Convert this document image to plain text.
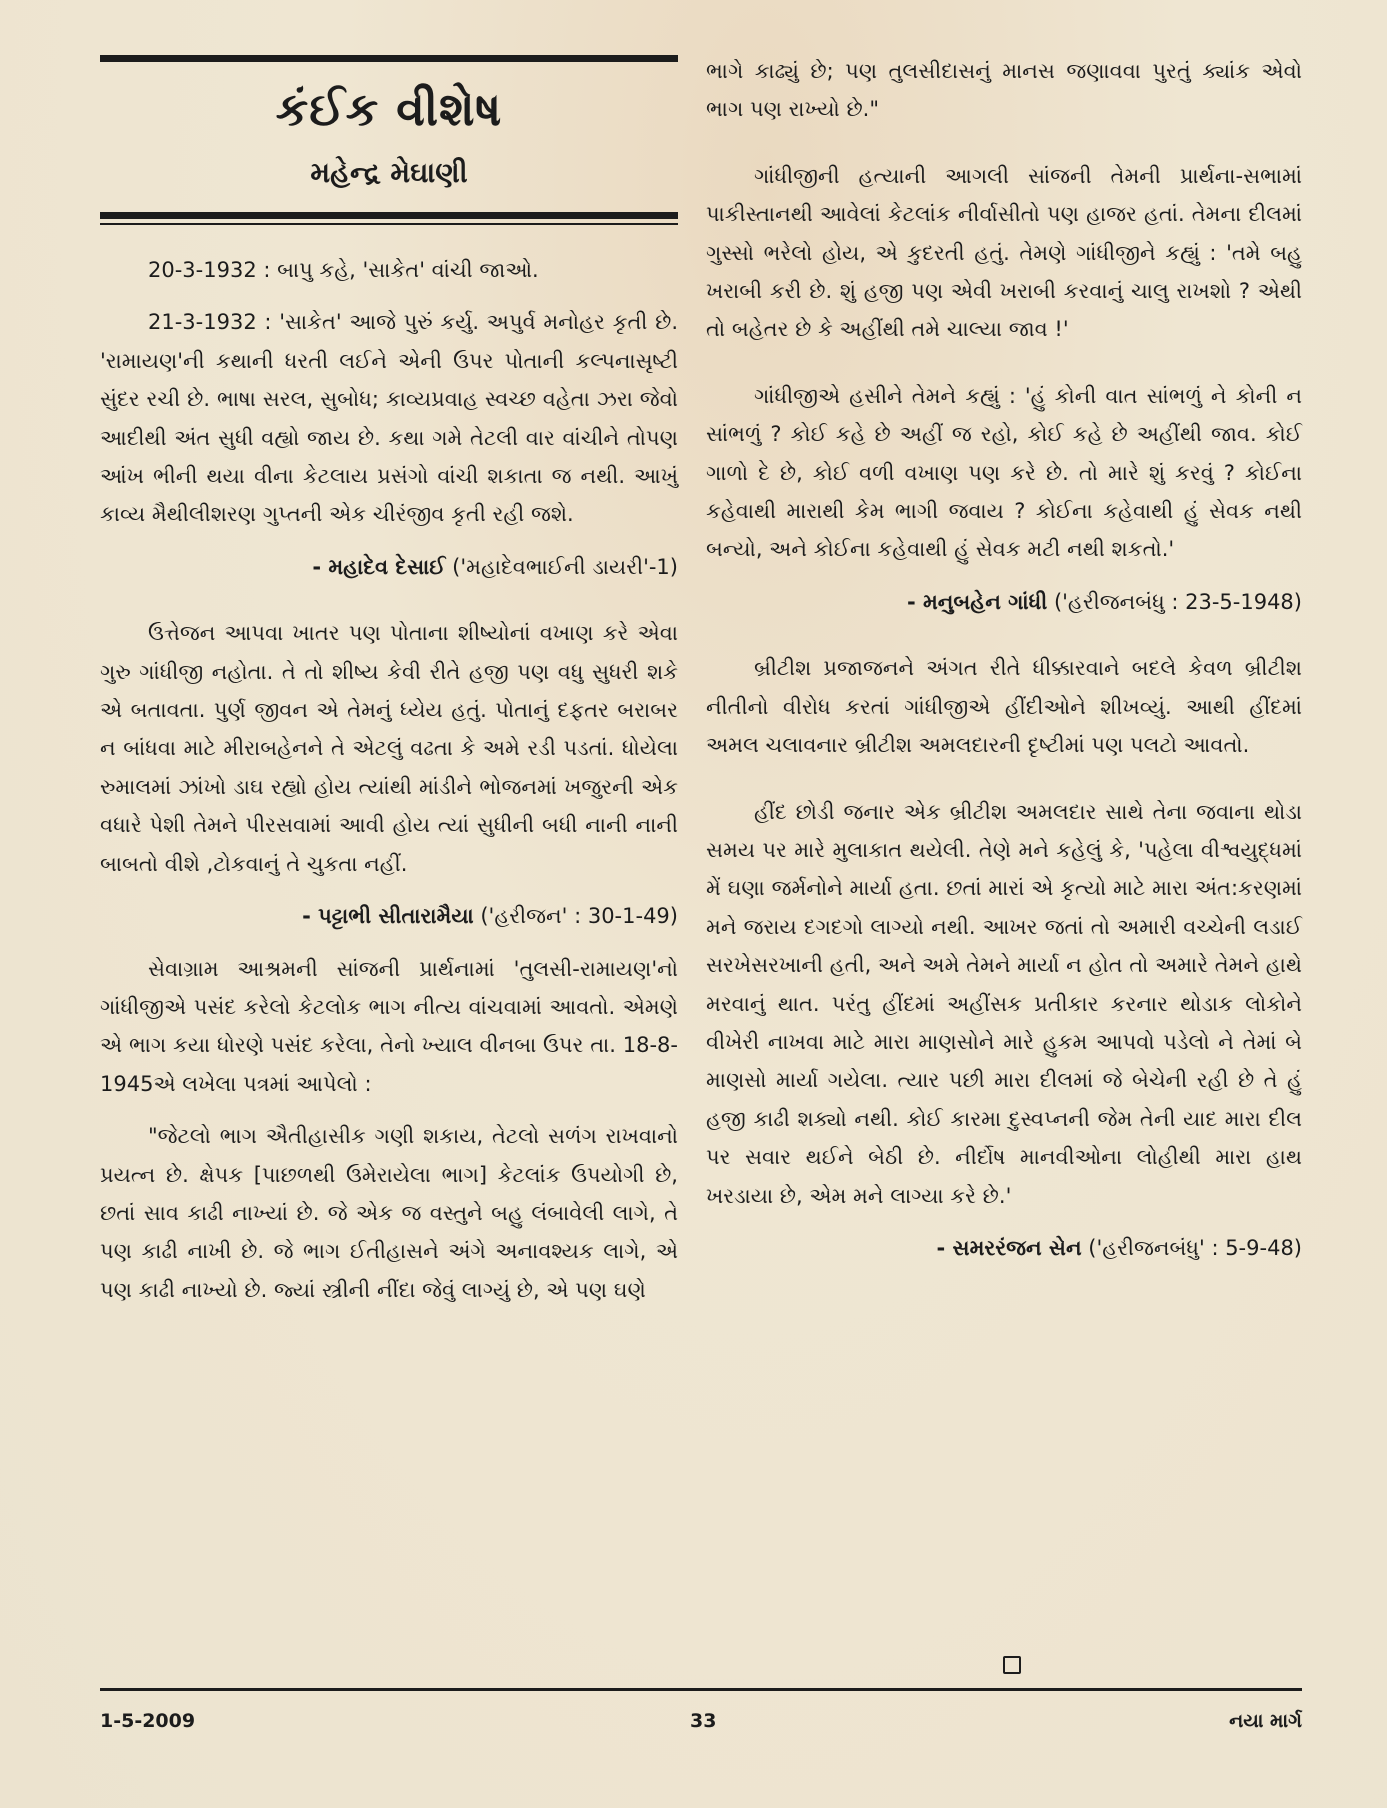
કંઈક વીશેષ
મહેન્દ્ર મેઘાણી

20-3-1932 : બાપુ કહે, 'સાકેત' વાંચી જાઓ.

21-3-1932 : 'સાકેત' આજે પુરું કર્યુ. અપુર્વ મનોહર કૃતી છે. 'રામાયણ'ની કથાની ધરતી લઈને એની ઉપર પોતાની કલ્પનાસૃષ્ટી સુંદર રચી છે. ભાષા સરલ, સુબોધ; કાવ્યપ્રવાહ સ્વચ્છ વહેતા ઝરા જેવો આદીથી અંત સુધી વહ્યો જાય છે. કથા ગમે તેટલી વાર વાંચીને તોપણ આંખ ભીની થયા વીના કેટલાય પ્રસંગો વાંચી શકાતા જ નથી. આખું કાવ્ય મૈથીલીશરણ ગુપ્તની એક ચીરંજીવ કૃતી રહી જશે.

- મહાદેવ દેસાઈ ('મહાદેવભાઈની ડાયરી'-1)

ઉત્તેજન આપવા ખાતર પણ પોતાના શીષ્યોનાં વખાણ કરે એવા ગુરુ ગાંધીજી નહોતા. તે તો શીષ્ય કેવી રીતે હજી પણ વધુ સુધરી શકે એ બતાવતા. પુર્ણ જીવન એ તેમનું ધ્યેય હતું. પોતાનું દફતર બરાબર ન બાંધવા માટે મીરાબહેનને તે એટલું વઢતા કે અમે રડી પડતાં. ધોયેલા રુમાલમાં ઝાંખો ડાઘ રહ્યો હોય ત્યાંથી માંડીને ભોજનમાં ખજુરની એક વધારે પેશી તેમને પીરસવામાં આવી હોય ત્યાં સુધીની બધી નાની નાની બાબતો વીશે ,ટોકવાનું તે ચુકતા નહીં.

- પટ્ટાભી સીતારામૈયા ('હરીજન' : 30-1-49)

સેવાગ્રામ આશ્રમની સાંજની પ્રાર્થનામાં 'તુલસી-રામાયણ'નો ગાંધીજીએ પસંદ કરેલો કેટલોક ભાગ નીત્ય વાંચવામાં આવતો. એમણે એ ભાગ કયા ધોરણે પસંદ કરેલા, તેનો ખ્યાલ વીનબા ઉપર તા. 18-8-1945એ લખેલા પત્રમાં આપેલો :

"જેટલો ભાગ ઐતીહાસીક ગણી શકાય, તેટલો સળંગ રાખવાનો પ્રયત્ન છે. ક્ષેપક [પાછળથી ઉમેરાયેલા ભાગ] કેટલાંક ઉપયોગી છે, છતાં સાવ કાઢી નાખ્યાં છે. જે એક જ વસ્તુને બહુ લંબાવેલી લાગે, તે પણ કાઢી નાખી છે. જે ભાગ ઈતીહાસને અંગે અનાવશ્યક લાગે, એ પણ કાઢી નાખ્યો છે. જ્યાં સ્ત્રીની નીંદા જેવું લાગ્યું છે, એ પણ ઘણે

ભાગે કાઢ્યું છે; પણ તુલસીદાસનું માનસ જણાવવા પુરતું ક્યાંક એવો ભાગ પણ રાખ્યો છે."

ગાંધીજીની હત્યાની આગલી સાંજની તેમની પ્રાર્થના-સભામાં પાકીસ્તાનથી આવેલાં કેટલાંક નીર્વાસીતો પણ હાજર હતાં. તેમના દીલમાં ગુસ્સો ભરેલો હોય, એ કુદરતી હતું. તેમણે ગાંધીજીને કહ્યું : 'તમે બહુ ખરાબી કરી છે. શું હજી પણ એવી ખરાબી કરવાનું ચાલુ રાખશો ? એથી તો બહેતર છે કે અહીંથી તમે ચાલ્યા જાવ !'

ગાંધીજીએ હસીને તેમને કહ્યું : 'હું કોની વાત સાંભળું ને કોની ન સાંભળું ? કોઈ કહે છે અહીં જ રહો, કોઈ કહે છે અહીંથી જાવ. કોઈ ગાળો દે છે, કોઈ વળી વખાણ પણ કરે છે. તો મારે શું કરવું ? કોઈના કહેવાથી મારાથી કેમ ભાગી જવાય ? કોઈના કહેવાથી હું સેવક નથી બન્યો, અને કોઈના કહેવાથી હું સેવક મટી નથી શકતો.'

- મનુબહેન ગાંધી ('હરીજનબંધુ : 23-5-1948)

બ્રીટીશ પ્રજાજનને અંગત રીતે ધીક્કારવાને બદલે કેવળ બ્રીટીશ નીતીનો વીરોધ કરતાં ગાંધીજીએ હીંદીઓને શીખવ્યું. આથી હીંદમાં અમલ ચલાવનાર બ્રીટીશ અમલદારની દૃષ્ટીમાં પણ પલટો આવતો.

હીંદ છોડી જનાર એક બ્રીટીશ અમલદાર સાથે તેના જવાના થોડા સમય પર મારે મુલાકાત થયેલી. તેણે મને કહેલું કે, 'પહેલા વીશ્વયુદ્ધમાં મેં ઘણા જર્મનોને માર્યા હતા. છતાં મારાં એ કૃત્યો માટે મારા અંત:કરણમાં મને જરાય દગદગો લાગ્યો નથી. આખર જતાં તો અમારી વચ્ચેની લડાઈ સરખેસરખાની હતી, અને અમે તેમને માર્યા ન હોત તો અમારે તેમને હાથે મરવાનું થાત. પરંતુ હીંદમાં અહીંસક પ્રતીકાર કરનાર થોડાક લોકોને વીખેરી નાખવા માટે મારા માણસોને મારે હુકમ આપવો પડેલો ને તેમાં બે માણસો માર્યા ગયેલા. ત્યાર પછી મારા દીલમાં જે બેચેની રહી છે તે હું હજી કાઢી શક્યો નથી. કોઈ કારમા દુસ્વપ્નની જેમ તેની યાદ મારા દીલ પર સવાર થઈને બેઠી છે. નીર્દોષ માનવીઓના લોહીથી મારા હાથ ખરડાયા છે, એમ મને લાગ્યા કરે છે.'

- સમરરંજન સેન ('હરીજનબંધુ' : 5-9-48)

1-5-2009	33	નયા માર્ગ
